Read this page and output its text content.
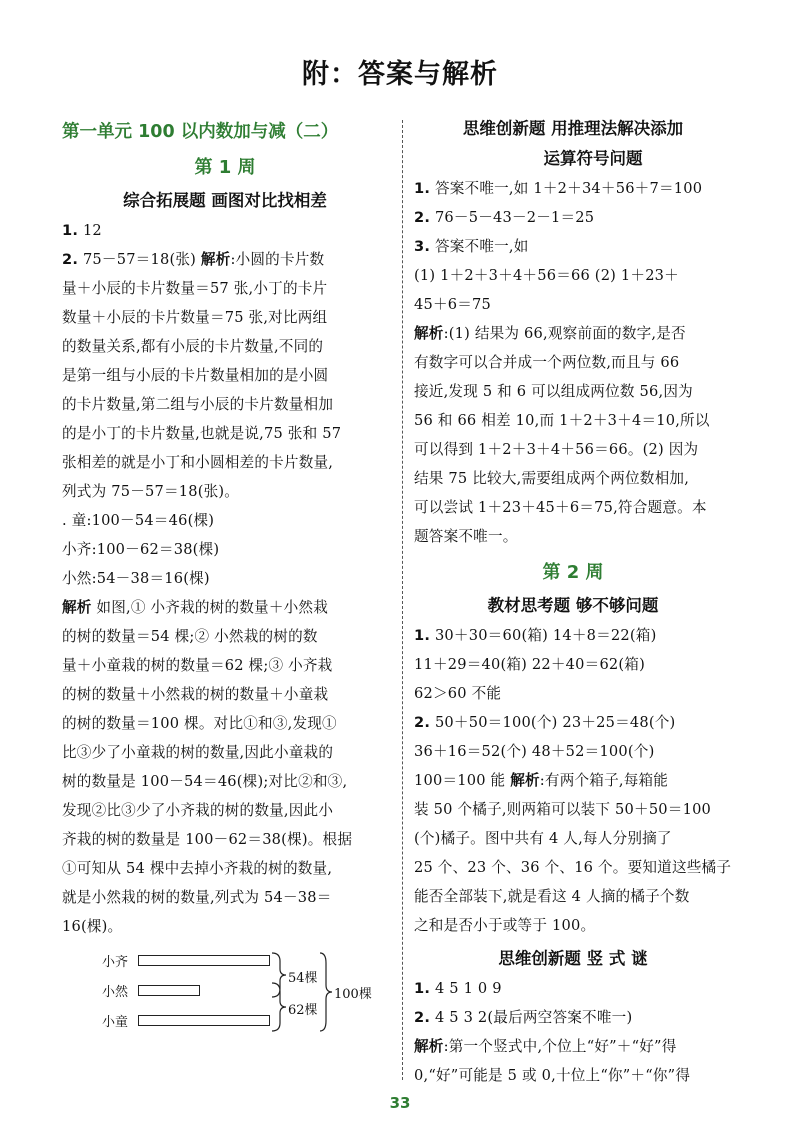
附：答案与解析
第一单元 100 以内数加与减（二）
第 1 周
综合拓展题 画图对比找相差
1. 12
2. 75－57＝18(张) 解析:小圆的卡片数
量＋小辰的卡片数量＝57 张,小丁的卡片
数量＋小辰的卡片数量＝75 张,对比两组
的数量关系,都有小辰的卡片数量,不同的
是第一组与小辰的卡片数量相加的是小圆
的卡片数量,第二组与小辰的卡片数量相加
的是小丁的卡片数量,也就是说,75 张和 57
张相差的就是小丁和小圆相差的卡片数量,
列式为 75－57＝18(张)。
. 童:100－54＝46(棵)
小齐:100－62＝38(棵)
小然:54－38＝16(棵)
解析 如图,① 小齐栽的树的数量＋小然栽
的树的数量＝54 棵;② 小然栽的树的数
量＋小童栽的树的数量＝62 棵;③ 小齐栽
的树的数量＋小然栽的树的数量＋小童栽
的树的数量＝100 棵。对比①和③,发现①
比③少了小童栽的树的数量,因此小童栽的
树的数量是 100－54＝46(棵);对比②和③,
发现②比③少了小齐栽的树的数量,因此小
齐栽的树的数量是 100－62＝38(棵)。根据
①可知从 54 棵中去掉小齐栽的树的数量,
就是小然栽的树的数量,列式为 54－38＝
16(棵)。
小齐
小然
小童
54棵
62棵
100棵
思维创新题 用推理法解决添加
运算符号问题
1. 答案不唯一,如 1＋2＋34＋56＋7＝100
2. 76－5－43－2－1＝25
3. 答案不唯一,如
(1) 1＋2＋3＋4＋56＝66 (2) 1＋23＋
45＋6＝75
解析:(1) 结果为 66,观察前面的数字,是否
有数字可以合并成一个两位数,而且与 66
接近,发现 5 和 6 可以组成两位数 56,因为
56 和 66 相差 10,而 1＋2＋3＋4＝10,所以
可以得到 1＋2＋3＋4＋56＝66。(2) 因为
结果 75 比较大,需要组成两个两位数相加,
可以尝试 1＋23＋45＋6＝75,符合题意。本
题答案不唯一。
第 2 周
教材思考题 够不够问题
1. 30＋30＝60(箱) 14＋8＝22(箱)
11＋29＝40(箱) 22＋40＝62(箱)
62＞60 不能
2. 50＋50＝100(个) 23＋25＝48(个)
36＋16＝52(个) 48＋52＝100(个)
100＝100 能 解析:有两个箱子,每箱能
装 50 个橘子,则两箱可以装下 50＋50＝100
(个)橘子。图中共有 4 人,每人分别摘了
25 个、23 个、36 个、16 个。要知道这些橘子
能否全部装下,就是看这 4 人摘的橘子个数
之和是否小于或等于 100。
思维创新题 竖 式 谜
1. 4 5 1 0 9
2. 4 5 3 2(最后两空答案不唯一)
解析:第一个竖式中,个位上“好”＋“好”得
0,“好”可能是 5 或 0,十位上“你”＋“你”得
33
